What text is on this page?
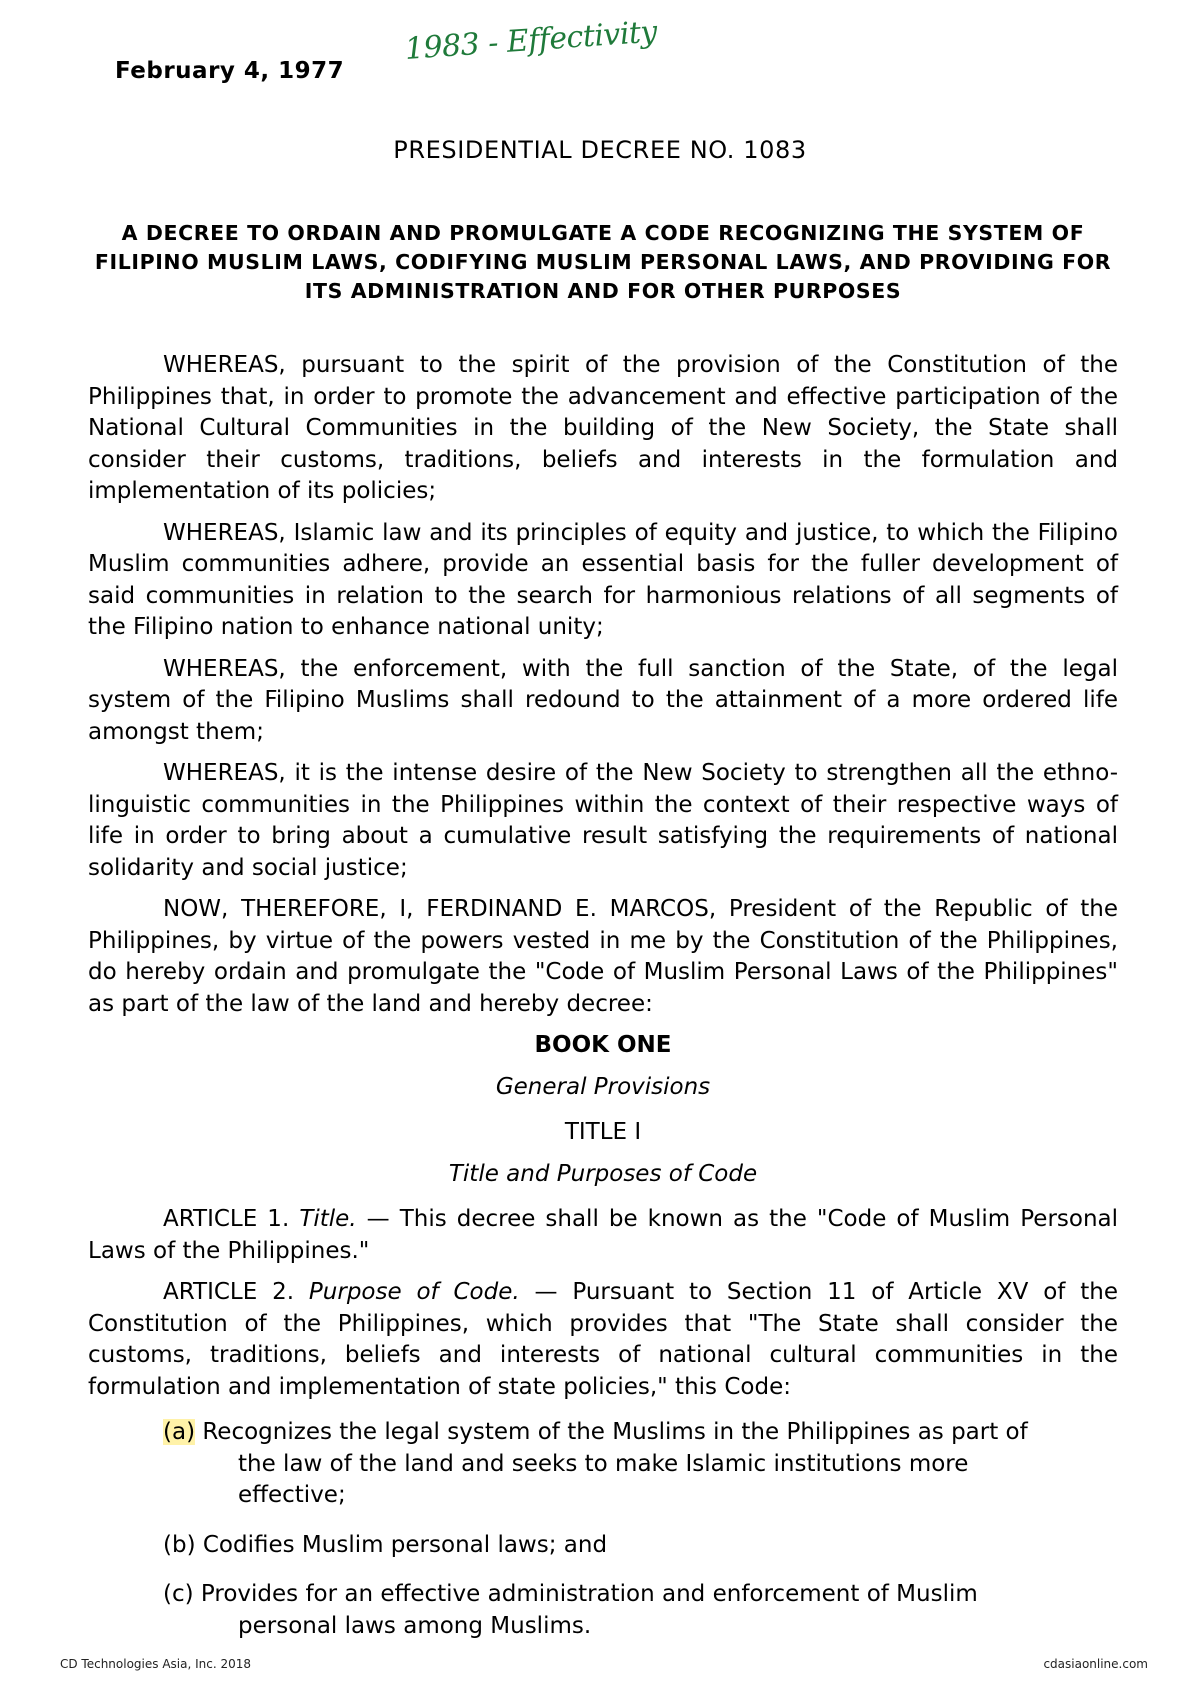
February 4, 1977
1983 - Effectivity
PRESIDENTIAL DECREE NO. 1083
A DECREE TO ORDAIN AND PROMULGATE A CODE RECOGNIZING THE SYSTEM OF FILIPINO MUSLIM LAWS, CODIFYING MUSLIM PERSONAL LAWS, AND PROVIDING FOR ITS ADMINISTRATION AND FOR OTHER PURPOSES

WHEREAS, pursuant to the spirit of the provision of the Constitution of the Philippines that, in order to promote the advancement and effective participation of the National Cultural Communities in the building of the New Society, the State shall consider their customs, traditions, beliefs and interests in the formulation and implementation of its policies;

WHEREAS, Islamic law and its principles of equity and justice, to which the Filipino Muslim communities adhere, provide an essential basis for the fuller development of said communities in relation to the search for harmonious relations of all segments of the Filipino nation to enhance national unity;

WHEREAS, the enforcement, with the full sanction of the State, of the legal system of the Filipino Muslims shall redound to the attainment of a more ordered life amongst them;

WHEREAS, it is the intense desire of the New Society to strengthen all the ethno-linguistic communities in the Philippines within the context of their respective ways of life in order to bring about a cumulative result satisfying the requirements of national solidarity and social justice;

NOW, THEREFORE, I, FERDINAND E. MARCOS, President of the Republic of the Philippines, by virtue of the powers vested in me by the Constitution of the Philippines, do hereby ordain and promulgate the "Code of Muslim Personal Laws of the Philippines" as part of the law of the land and hereby decree:

BOOK ONE
General Provisions
TITLE I
Title and Purposes of Code

ARTICLE 1. Title. — This decree shall be known as the "Code of Muslim Personal Laws of the Philippines."

ARTICLE 2. Purpose of Code. — Pursuant to Section 11 of Article XV of the Constitution of the Philippines, which provides that "The State shall consider the customs, traditions, beliefs and interests of national cultural communities in the formulation and implementation of state policies," this Code:

(a) Recognizes the legal system of the Muslims in the Philippines as part of the law of the land and seeks to make Islamic institutions more effective;
(b) Codifies Muslim personal laws; and
(c) Provides for an effective administration and enforcement of Muslim personal laws among Muslims.
CD Technologies Asia, Inc. 2018	cdasiaonline.com
